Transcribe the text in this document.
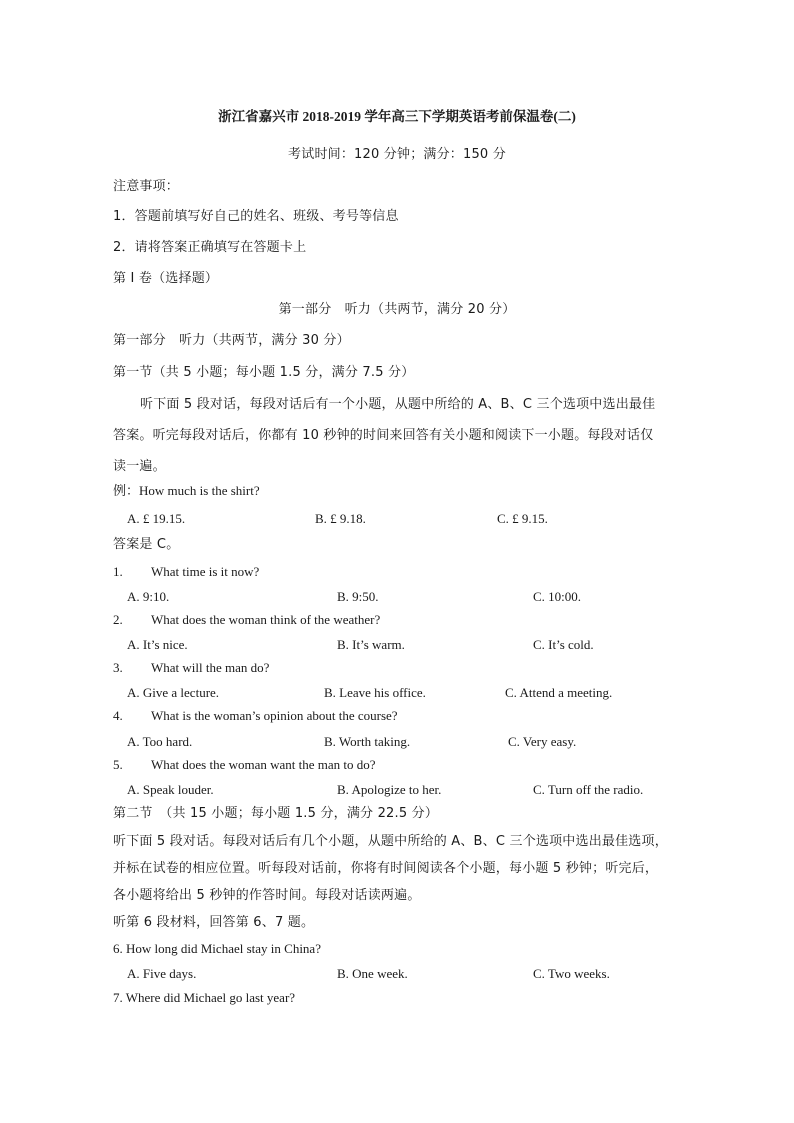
浙江省嘉兴市 2018-2019 学年高三下学期英语考前保温卷(二)
考试时间：120 分钟；满分：150 分
注意事项：
1．答题前填写好自己的姓名、班级、考号等信息
2．请将答案正确填写在答题卡上
第 I 卷（选择题）
第一部分　听力（共两节，满分 20 分）
第一部分　听力（共两节，满分 30 分）
第一节（共 5 小题；每小题 1.5 分，满分 7.5 分）
听下面 5 段对话，每段对话后有一个小题，从题中所给的 A、B、C 三个选项中选出最佳
答案。听完每段对话后，你都有 10 秒钟的时间来回答有关小题和阅读下一小题。每段对话仅
读一遍。
例：How much is the shirt?
A. £ 19.15.	B. £ 9.18.	C. £ 9.15.
答案是 C。
1. What time is it now?
A. 9:10.	B. 9:50.	C. 10:00.
2. What does the woman think of the weather?
A. It’s nice.	B. It’s warm.	C. It’s cold.
3. What will the man do?
A. Give a lecture.	B. Leave his office.	C. Attend a meeting.
4. What is the woman’s opinion about the course?
A. Too hard.	B. Worth taking.	C. Very easy.
5. What does the woman want the man to do?
A. Speak louder.	B. Apologize to her.	C. Turn off the radio.
第二节　（共 15 小题；每小题 1.5 分，满分 22.5 分）
听下面 5 段对话。每段对话后有几个小题，从题中所给的 A、B、C 三个选项中选出最佳选项，
并标在试卷的相应位置。听每段对话前，你将有时间阅读各个小题，每小题 5 秒钟；听完后，
各小题将给出 5 秒钟的作答时间。每段对话读两遍。
听第 6 段材料，回答第 6、7 题。
6. How long did Michael stay in China?
A. Five days.	B. One week.	C. Two weeks.
7. Where did Michael go last year?
